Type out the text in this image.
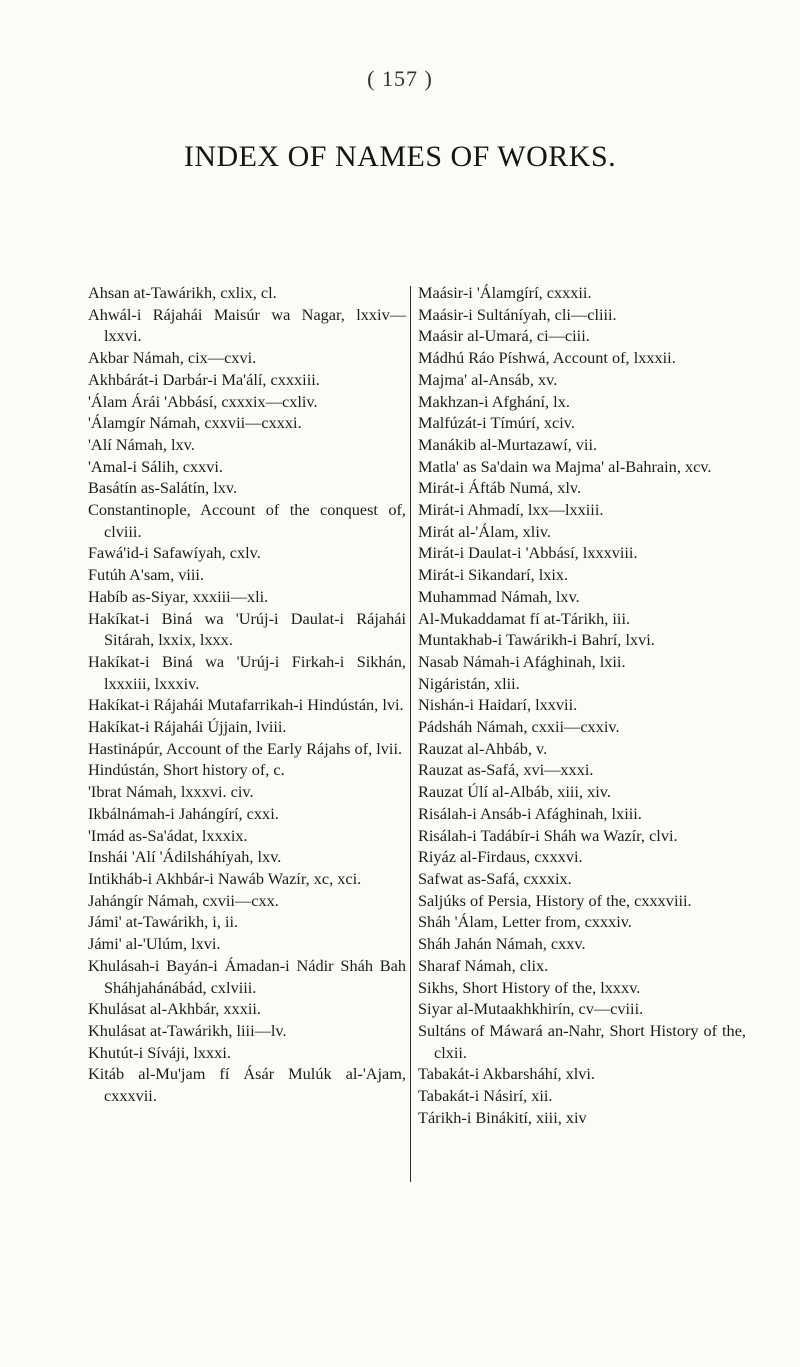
( 157 )
INDEX OF NAMES OF WORKS.
Ahsan at-Tawárikh, cxlix, cl.
Ahwál-i Rájahái Maisúr wa Nagar, lxxiv—lxxvi.
Akbar Námah, cix—cxvi.
Akhbárát-i Darbár-i Ma'álí, cxxxiii.
'Álam Árái 'Abbásí, cxxxix—cxliv.
'Álamgír Námah, cxxvii—cxxxi.
'Alí Námah, lxv.
'Amal-i Sálih, cxxvi.
Basátín as-Salátín, lxv.
Constantinople, Account of the conquest of, clviii.
Fawá'id-i Safawíyah, cxlv.
Futúh A'sam, viii.
Habíb as-Siyar, xxxiii—xli.
Hakíkat-i Biná wa 'Urúj-i Daulat-i Rájahái Sitárah, lxxix, lxxx.
Hakíkat-i Biná wa 'Urúj-i Firkah-i Sikhán, lxxxiii, lxxxiv.
Hakíkat-i Rájahái Mutafarrikah-i Hindústán, lvi.
Hakíkat-i Rájahái Újjain, lviii.
Hastinápúr, Account of the Early Rájahs of, lvii.
Hindústán, Short history of, c.
'Ibrat Námah, lxxxvi. civ.
Ikbálnámah-i Jahángírí, cxxi.
'Imád as-Sa'ádat, lxxxix.
Inshái 'Alí 'Ádilsháhíyah, lxv.
Intikháb-i Akhbár-i Nawáb Wazír, xc, xci.
Jahángír Námah, cxvii—cxx.
Jámi' at-Tawárikh, i, ii.
Jámi' al-'Ulúm, lxvi.
Khulásah-i Bayán-i Ámadan-i Nádir Sháh Bah Sháhjahánábád, cxlviii.
Khulásat al-Akhbár, xxxii.
Khulásat at-Tawárikh, liii—lv.
Khutút-i Síváji, lxxxi.
Kitáb al-Mu'jam fí Ásár Mulúk al-'Ajam, cxxxvii.
Maásir-i 'Álamgírí, cxxxii.
Maásir-i Sultáníyah, cli—cliii.
Maásir al-Umará, ci—ciii.
Mádhú Ráo Píshwá, Account of, lxxxii.
Majma' al-Ansáb, xv.
Makhzan-i Afghání, lx.
Malfúzát-i Tímúrí, xciv.
Manákib al-Murtazawí, vii.
Matla' as Sa'dain wa Majma' al-Bahrain, xcv.
Mirát-i Áftáb Numá, xlv.
Mirát-i Ahmadí, lxx—lxxiii.
Mirát al-'Álam, xliv.
Mirát-i Daulat-i 'Abbásí, lxxxviii.
Mirát-i Sikandarí, lxix.
Muhammad Námah, lxv.
Al-Mukaddamat fí at-Tárikh, iii.
Muntakhab-i Tawárikh-i Bahrí, lxvi.
Nasab Námah-i Afághinah, lxii.
Nigáristán, xlii.
Nishán-i Haidarí, lxxvii.
Pádsháh Námah, cxxii—cxxiv.
Rauzat al-Ahbáb, v.
Rauzat as-Safá, xvi—xxxi.
Rauzat Úlí al-Albáb, xiii, xiv.
Risálah-i Ansáb-i Afághinah, lxiii.
Risálah-i Tadábír-i Sháh wa Wazír, clvi.
Riyáz al-Firdaus, cxxxvi.
Safwat as-Safá, cxxxix.
Saljúks of Persia, History of the, cxxxviii.
Sháh 'Álam, Letter from, cxxxiv.
Sháh Jahán Námah, cxxv.
Sharaf Námah, clix.
Sikhs, Short History of the, lxxxv.
Siyar al-Mutaakhkhirín, cv—cviii.
Sultáns of Máwará an-Nahr, Short History of the, clxii.
Tabakát-i Akbarsháhí, xlvi.
Tabakát-i Násirí, xii.
Tárikh-i Binákití, xiii, xiv
